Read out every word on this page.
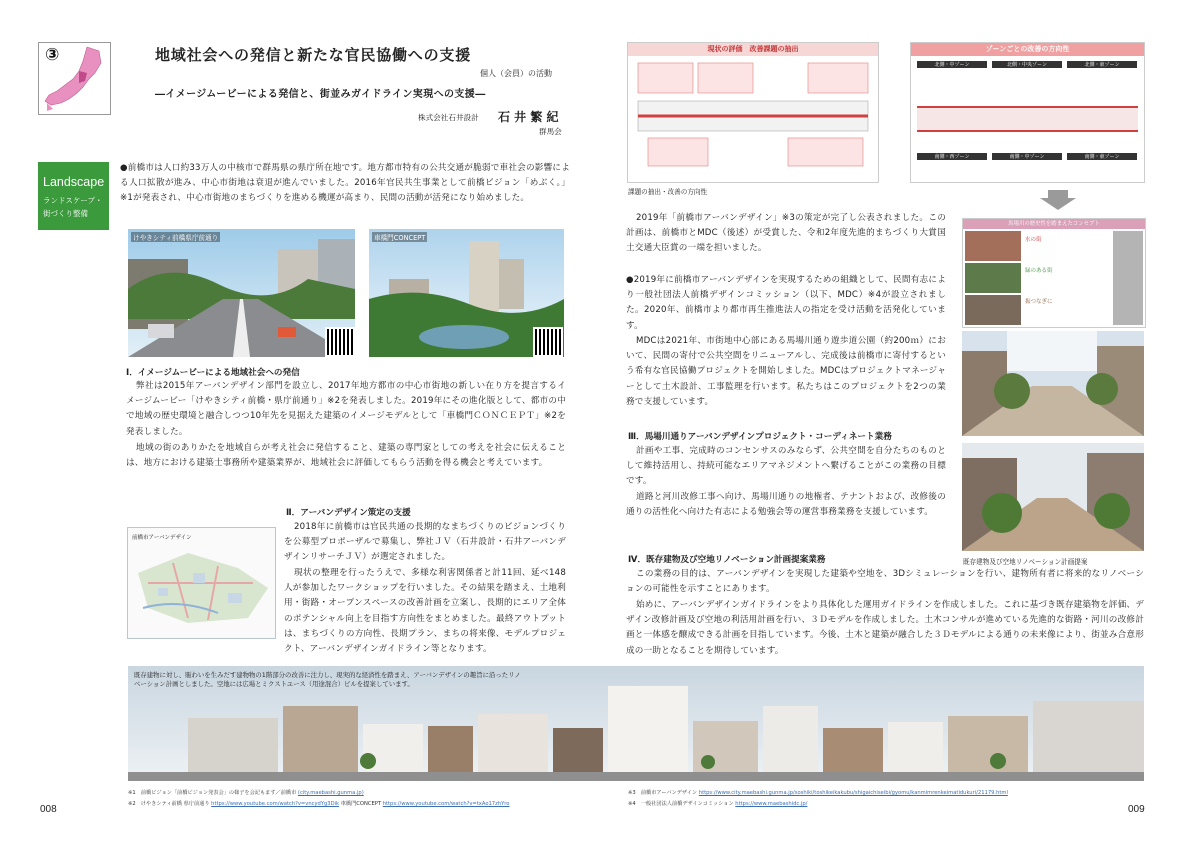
③	地域社会への発信と新たな官民協働への支援
個人（会員）の活動
―イメージムービーによる発信と、街並みガイドライン実現への支援―
株式会社石井設計 石 井 繁 紀
群馬会
Landscape
ランドスケープ・
街づくり整備

●前橋市は人口約33万人の中核市で群馬県の県庁所在地です。地方都市特有の公共交通が脆弱で車社会の影響による人口拡散が進み、中心市街地は衰退が進んでいました。2016年官民共生事業として前橋ビジョン「めぶく。」※1が発表され、中心市街地のまちづくりを進める機運が高まり、民間の活動が活発になり始めました。

けやきシティ前橋県庁前通り	車橋門CONCEPT
Ⅰ．イメージムービーによる地域社会への発信

弊社は2015年アーバンデザイン部門を設立し、2017年地方都市の中心市街地の新しい在り方を提言するイメージムービー「けやきシティ前橋・県庁前通り」※2を発表しました。2019年にその進化版として、都市の中で地域の歴史環境と融合しつつ10年先を見据えた建築のイメージモデルとして「車橋門ＣＯＮＣＥＰＴ」※2を発表しました。

地域の街のありかたを地域自らが考え社会に発信すること、建築の専門家としての考えを社会に伝えることは、地方における建築士事務所や建築業界が、地域社会に評価してもらう活動を得る機会と考えています。

前橋市アーバンデザイン
Ⅱ．アーバンデザイン策定の支援

2018年に前橋市は官民共通の長期的なまちづくりのビジョンづくりを公募型プロポーザルで募集し、弊社ＪＶ（石井設計・石井アーバンデザインリサーチＪＶ）が選定されました。

現状の整理を行ったうえで、多様な利害関係者と計11回、延べ148人が参加したワークショップを行いました。その結果を踏まえ、土地利用・街路・オープンスペースの改善計画を立案し、長期的にエリア全体のポテンシャル向上を目指す方向性をまとめました。最終アウトプットは、まちづくりの方向性、長期プラン、まちの将来像、モデルプロジェクト、アーバンデザインガイドライン等となります。

現状の評価　改善課題の抽出	ゾーンごとの改善の方向性
北側・中ゾーン	北側・中央ゾーン	北側・東ゾーン
南側・西ゾーン	南側・中ゾーン	南側・東ゾーン
課題の抽出・改善の方向性
馬場川の歴史性を踏まえたコンセプト
水の街
緑のある街
振つなぎに
既存建物及び空地リノベーション計画提案

2019年「前橋市アーバンデザイン」※3の策定が完了し公表されました。この計画は、前橋市とMDC（後述）が受賞した、令和2年度先進的まちづくり大賞国土交通大臣賞の一端を担いました。

●2019年に前橋市アーバンデザインを実現するための組織として、民間有志により一般社団法人前橋デザインコミッション（以下、MDC）※4が設立されました。2020年、前橋市より都市再生推進法人の指定を受け活動を活発化しています。

MDCは2021年、市街地中心部にある馬場川通り遊歩道公園（約200ｍ）において、民間の寄付で公共空間をリニューアルし、完成後は前橋市に寄付するという希有な官民協働プロジェクトを開始しました。MDCはプロジェクトマネージャーとして土木設計、工事監理を行います。私たちはこのプロジェクトを2つの業務で支援しています。

Ⅲ．馬場川通りアーバンデザインプロジェクト・コーディネート業務

計画や工事、完成時のコンセンサスのみならず、公共空間を自分たちのものとして維持活用し、持続可能なエリアマネジメントへ繋げることがこの業務の目標です。

道路と河川改修工事へ向け、馬場川通りの地権者、テナントおよび、改修後の通りの活性化へ向けた有志による勉強会等の運営事務業務を支援しています。

Ⅳ．既存建物及び空地リノベーション計画提案業務

この業務の目的は、アーバンデザインを実現した建築や空地を、3Dシミュレーションを行い、建物所有者に将来的なリノベーションの可能性を示すことにあります。

始めに、アーバンデザインガイドラインをより具体化した運用ガイドラインを作成しました。これに基づき既存建築物を評価、デザイン改修計画及び空地の利活用計画を行い、３Ｄモデルを作成しました。土木コンサルが進めている先進的な街路・河川の改修計画と一体感を醸成できる計画を目指しています。今後、土木と建築が融合した３Ｄモデルによる通りの未来像により、街並み合意形成の一助となることを期待しています。

既存建物に対し、賑わいを生みだす建物物の1階部分の改善に注力し、現実的な経済性を踏まえ、アーバンデザインの趣旨に沿ったリノベーション計画としました。空地には広場とミクストユース（用途混合）ビルを提案しています。
※1　前橋ビジョン「前橋ビジョン発表会」の様子を会記もます／前橋市 (city.maebashi.gunma.jp)
※2　けやきシティ前橋 県庁前通り https://www.youtube.com/watch?v=vncydYg3Dik 車橋門CONCEPT https://www.youtube.com/watch?v=txAo17zhYro
※3　前橋市アーバンデザイン https://www.city.maebashi.gunma.jp/soshiki/toshikeikakubu/shigaichiseibi/gyomu/kanmimrenkeimatidukuri/21179.html
※4　一般社団法人前橋デザインコミッション https://www.maebashidc.jp/
008	009
